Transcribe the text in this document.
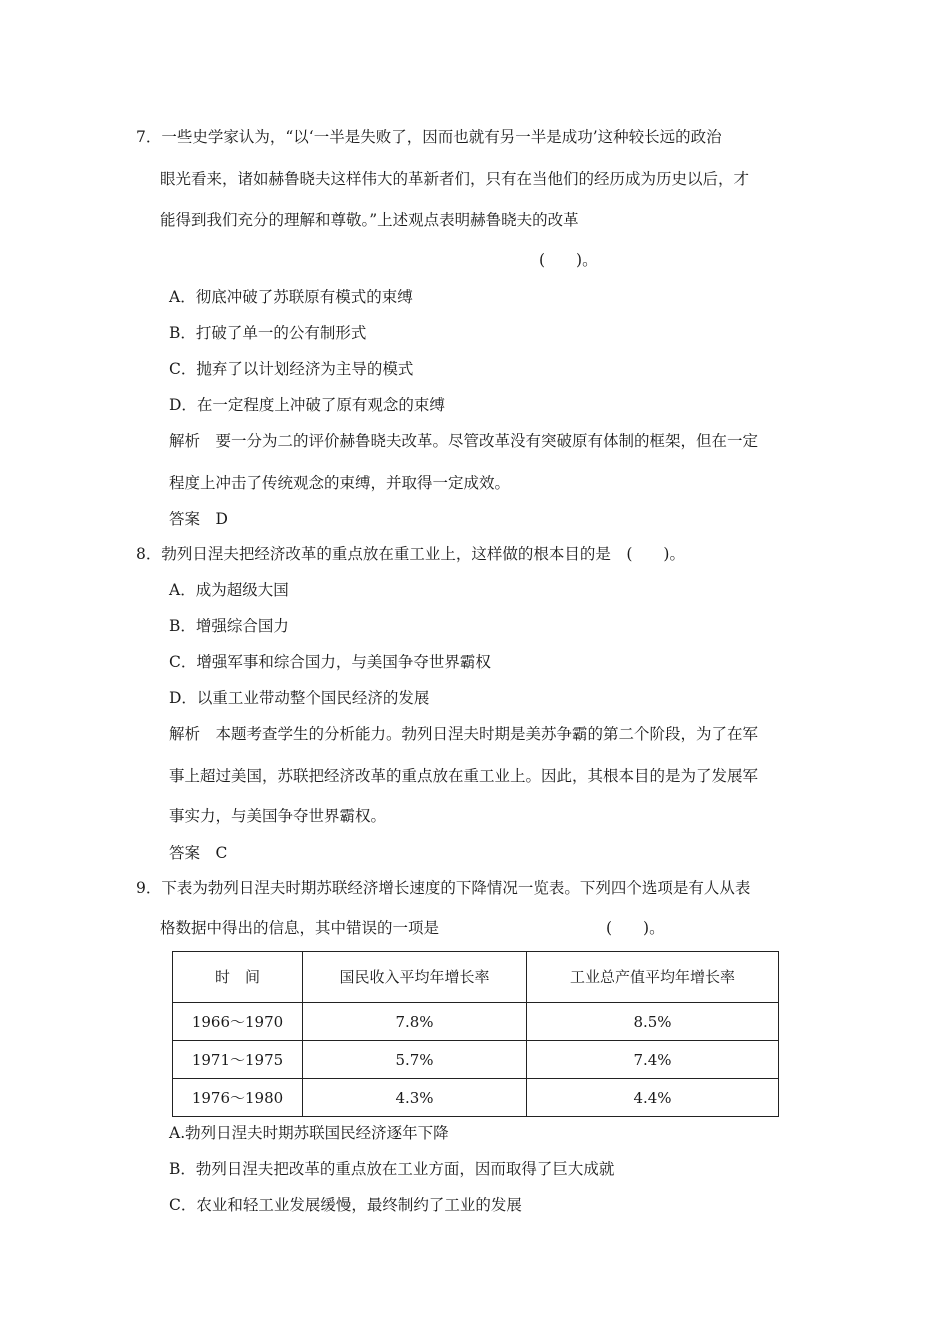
7．一些史学家认为，“以‘一半是失败了，因而也就有另一半是成功’这种较长远的政治
眼光看来，诸如赫鲁晓夫这样伟大的革新者们，只有在当他们的经历成为历史以后，才
能得到我们充分的理解和尊敬。”上述观点表明赫鲁晓夫的改革
(　　)。
A．彻底冲破了苏联原有模式的束缚
B．打破了单一的公有制形式
C．抛弃了以计划经济为主导的模式
D．在一定程度上冲破了原有观念的束缚
解析　要一分为二的评价赫鲁晓夫改革。尽管改革没有突破原有体制的框架，但在一定
程度上冲击了传统观念的束缚，并取得一定成效。
答案　D
8．勃列日涅夫把经济改革的重点放在重工业上，这样做的根本目的是　(　　)。
A．成为超级大国
B．增强综合国力
C．增强军事和综合国力，与美国争夺世界霸权
D．以重工业带动整个国民经济的发展
解析　本题考查学生的分析能力。勃列日涅夫时期是美苏争霸的第二个阶段，为了在军
事上超过美国，苏联把经济改革的重点放在重工业上。因此，其根本目的是为了发展军
事实力，与美国争夺世界霸权。
答案　C
9．下表为勃列日涅夫时期苏联经济增长速度的下降情况一览表。下列四个选项是有人从表
格数据中得出的信息，其中错误的一项是	(　　)。
时　间	国民收入平均年增长率	工业总产值平均年增长率
1966～1970	7.8%	8.5%
1971～1975	5.7%	7.4%
1976～1980	4.3%	4.4%
A.勃列日涅夫时期苏联国民经济逐年下降
B．勃列日涅夫把改革的重点放在工业方面，因而取得了巨大成就
C．农业和轻工业发展缓慢，最终制约了工业的发展
